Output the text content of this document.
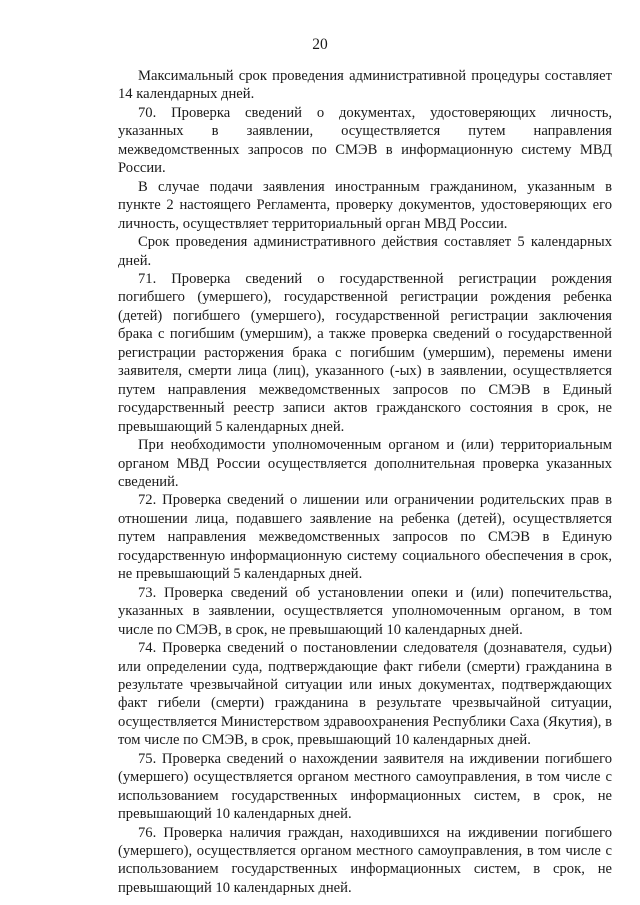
20

Максимальный срок проведения административной процедуры составляет 14 календарных дней.

70. Проверка сведений о документах, удостоверяющих личность, указанных в заявлении, осуществляется путем направления межведомственных запросов по СМЭВ в информационную систему МВД России.

В случае подачи заявления иностранным гражданином, указанным в пункте 2 настоящего Регламента, проверку документов, удостоверяющих его личность, осуществляет территориальный орган МВД России.

Срок проведения административного действия составляет 5 календарных дней.

71. Проверка сведений о государственной регистрации рождения погибшего (умершего), государственной регистрации рождения ребенка (детей) погибшего (умершего), государственной регистрации заключения брака с погибшим (умершим), а также проверка сведений о государственной регистрации расторжения брака с погибшим (умершим), перемены имени заявителя, смерти лица (лиц), указанного (-ых) в заявлении, осуществляется путем направления межведомственных запросов по СМЭВ в Единый государственный реестр записи актов гражданского состояния в срок, не превышающий 5 календарных дней.

При необходимости уполномоченным органом и (или) территориальным органом МВД России осуществляется дополнительная проверка указанных сведений.

72. Проверка сведений о лишении или ограничении родительских прав в отношении лица, подавшего заявление на ребенка (детей), осуществляется путем направления межведомственных запросов по СМЭВ в Единую государственную информационную систему социального обеспечения в срок, не превышающий 5 календарных дней.

73. Проверка сведений об установлении опеки и (или) попечительства, указанных в заявлении, осуществляется уполномоченным органом, в том числе по СМЭВ, в срок, не превышающий 10 календарных дней.

74. Проверка сведений о постановлении следователя (дознавателя, судьи) или определении суда, подтверждающие факт гибели (смерти) гражданина в результате чрезвычайной ситуации или иных документах, подтверждающих факт гибели (смерти) гражданина в результате чрезвычайной ситуации, осуществляется Министерством здравоохранения Республики Саха (Якутия), в том числе по СМЭВ, в срок, превышающий 10 календарных дней.

75. Проверка сведений о нахождении заявителя на иждивении погибшего (умершего) осуществляется органом местного самоуправления, в том числе с использованием государственных информационных систем, в срок, не превышающий 10 календарных дней.

76. Проверка наличия граждан, находившихся на иждивении погибшего (умершего), осуществляется органом местного самоуправления, в том числе с использованием государственных информационных систем, в срок, не превышающий 10 календарных дней.
